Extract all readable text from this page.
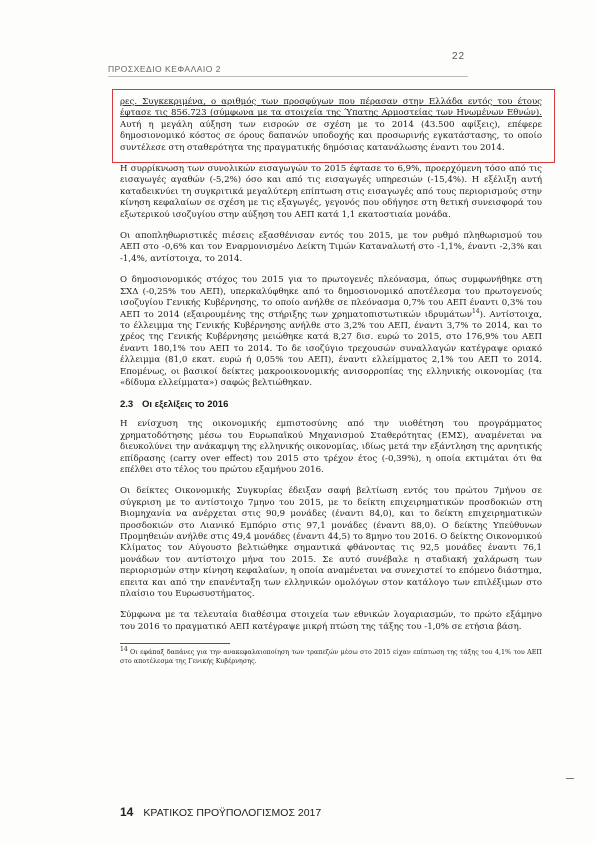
ΠΡΟΣΧΕΔΙΟ ΚΕΦΑΛΑΙΟ 2
22

ρες. Συγκεκριμένα, ο αριθμός των προσφύγων που πέρασαν στην Ελλάδα εντός του έτους έφτασε τις 856.723 (σύμφωνα με τα στοιχεία της Ύπατης Αρμοστείας των Ηνωμένων Εθνών). Αυτή η μεγάλη αύξηση των εισροών σε σχέση με το 2014 (43.500 αφίξεις), επέφερε δημοσιονομικό κόστος σε όρους δαπανών υποδοχής και προσωρινής εγκατάστασης, το οποίο συντέλεσε στη σταθερότητα της πραγματικής δημόσιας κατανάλωσης έναντι του 2014.

Η συρρίκνωση των συνολικών εισαγωγών το 2015 έφτασε το 6,9%, προερχόμενη τόσο από τις εισαγωγές αγαθών (-5,2%) όσο και από τις εισαγωγές υπηρεσιών (-15,4%). Η εξέλιξη αυτή καταδεικνύει τη συγκριτικά μεγαλύτερη επίπτωση στις εισαγωγές από τους περιορισμούς στην κίνηση κεφαλαίων σε σχέση με τις εξαγωγές, γεγονός που οδήγησε στη θετική συνεισφορά του εξωτερικού ισοζυγίου στην αύξηση του ΑΕΠ κατά 1,1 εκατοστιαία μονάδα.

Οι αποπληθωριστικές πιέσεις εξασθένισαν εντός του 2015, με τον ρυθμό πληθωρισμού του ΑΕΠ στο -0,6% και τον Εναρμονισμένο Δείκτη Τιμών Καταναλωτή στο -1,1%, έναντι -2,3% και -1,4%, αντίστοιχα, το 2014.

Ο δημοσιονομικός στόχος του 2015 για το πρωτογενές πλεόνασμα, όπως συμφωνήθηκε στη ΣΧΔ (-0,25% του ΑΕΠ), υπερκαλύφθηκε από το δημοσιονομικό αποτέλεσμα του πρωτογενούς ισοζυγίου Γενικής Κυβέρνησης, το οποίο ανήλθε σε πλεόνασμα 0,7% του ΑΕΠ έναντι 0,3% του ΑΕΠ το 2014 (εξαιρουμένης της στήριξης των χρηματοπιστωτικών ιδρυμάτων$^{14}$). Αντίστοιχα, το έλλειμμα της Γενικής Κυβέρνησης ανήλθε στο 3,2% του ΑΕΠ, έναντι 3,7% το 2014, και το χρέος της Γενικής Κυβέρνησης μειώθηκε κατά 8,27 δισ. ευρώ το 2015, στο 176,9% του ΑΕΠ έναντι 180,1% του ΑΕΠ το 2014. Το δε ισοζύγιο τρεχουσών συναλλαγών κατέγραψε οριακό έλλειμμα (81,0 εκατ. ευρώ ή 0,05% του ΑΕΠ), έναντι ελλείμματος 2,1% του ΑΕΠ το 2014. Επομένως, οι βασικοί δείκτες μακροοικονομικής ανισορροπίας της ελληνικής οικονομίας (τα «δίδυμα ελλείμματα») σαφώς βελτιώθηκαν.

2.3 Οι εξελίξεις το 2016

Η ενίσχυση της οικονομικής εμπιστοσύνης από την υιοθέτηση του προγράμματος χρηματοδότησης μέσω του Ευρωπαϊκού Μηχανισμού Σταθερότητας (ΕΜΣ), αναμένεται να διευκολύνει την ανάκαμψη της ελληνικής οικονομίας, ιδίως μετά την εξάντληση της αρνητικής επίδρασης (carry over effect) του 2015 στο τρέχον έτος (-0,39%), η οποία εκτιμάται ότι θα επέλθει στο τέλος του πρώτου εξαμήνου 2016.

Οι δείκτες Οικονομικής Συγκυρίας έδειξαν σαφή βελτίωση εντός του πρώτου 7μήνου σε σύγκριση με το αντίστοιχο 7μηνο του 2015, με το δείκτη επιχειρηματικών προσδοκιών στη Βιομηχανία να ανέρχεται στις 90,9 μονάδες (έναντι 84,0), και το δείκτη επιχειρηματικών προσδοκιών στο Λιανικό Εμπόριο στις 97,1 μονάδες (έναντι 88,0). Ο δείκτης Υπεύθυνων Προμηθειών ανήλθε στις 49,4 μονάδες (έναντι 44,5) το 8μηνο του 2016. Ο δείκτης Οικονομικού Κλίματος τον Αύγουστο βελτιώθηκε σημαντικά φθάνοντας τις 92,5 μονάδες έναντι 76,1 μονάδων τον αντίστοιχο μήνα του 2015. Σε αυτό συνέβαλε η σταδιακή χαλάρωση των περιορισμών στην κίνηση κεφαλαίων, η οποία αναμένεται να συνεχιστεί το επόμενο διάστημα, επειτα και από την επανένταξη των ελληνικών ομολόγων στον κατάλογο των επιλέξιμων στο πλαίσιο του Ευρωσυστήματος.

Σύμφωνα με τα τελευταία διαθέσιμα στοιχεία των εθνικών λογαριασμών, το πρώτο εξάμηνο του 2016 το πραγματικό ΑΕΠ κατέγραψε μικρή πτώση της τάξης του -1,0% σε ετήσια βάση.

$^{14}$ Οι εφάπαξ δαπάνες για την ανακεφαλαιοποίηση των τραπεζών μέσω στο 2015 είχαν επίπτωση της τάξης του 4,1% του ΑΕΠ στο αποτέλεσμα της Γενικής Κυβέρνησης.

14 ΚΡΑΤΙΚΟΣ ΠΡΟΫΠΟΛΟΓΙΣΜΟΣ 2017
